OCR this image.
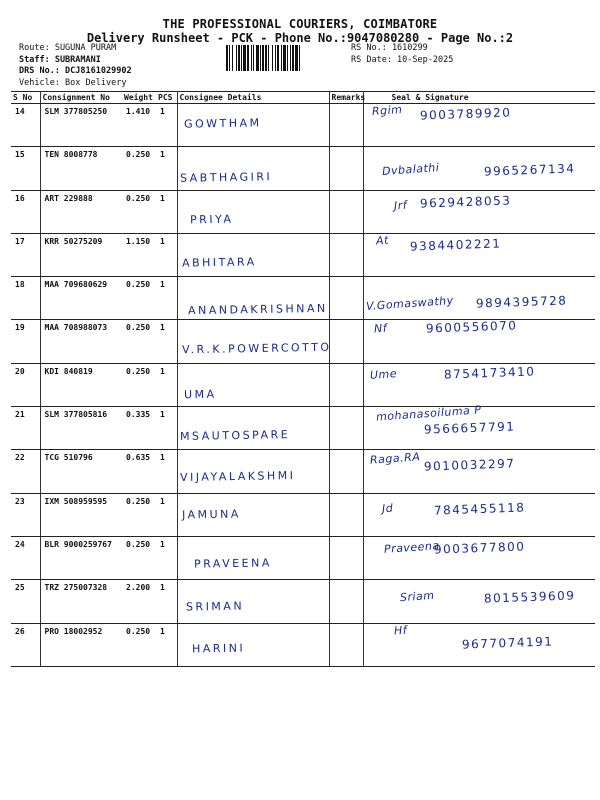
THE PROFESSIONAL COURIERS, COIMBATORE
Delivery Runsheet - PCK - Phone No.:9047080280 - Page No.:2
Route: SUGUNA PURAM
Staff: SUBRAMANI
DRS No.: DCJ8161029902
Vehicle: Box Delivery
RS No.: 1610299
RS Date: 10-Sep-2025
S No	Consignment No	Weight	PCS	Consignee Details	Remarks	Seal & Signature
14	SLM 377805250	1.410	1	GOWTHAM		Rgim 9003789920

15	TEN 8008778	0.250	1	SABTHAGIRI		Dvbalathi 9965267134

16	ART 229888	0.250	1	PRIYA		Jrf 9629428053

17	KRR 50275209	1.150	1	ABHITARA		At 9384402221

18	MAA 709680629	0.250	1	ANANDAKRISHNAN		V.Gomaswathy 9894395728

19	MAA 708988073	0.250	1	V.R.K.POWERCOTTO		Nf 9600556070

20	KDI 840819	0.250	1	UMA		Ume 8754173410

21	SLM 377805816	0.335	1	MSAUTOSPARE		mohanasoiluma P
9566657791

22	TCG 510796	0.635	1	VIJAYALAKSHMI		Raga.RA 9010032297

23	IXM 508959595	0.250	1	JAMUNA		Jd 7845455118

24	BLR 9000259767	0.250	1	PRAVEENA		Praveena
9003677800

25	TRZ 275007328	2.200	1	SRIMAN		Sriam 8015539609

26	PRO 18002952	0.250	1	HARINI		Hf
9677074191
